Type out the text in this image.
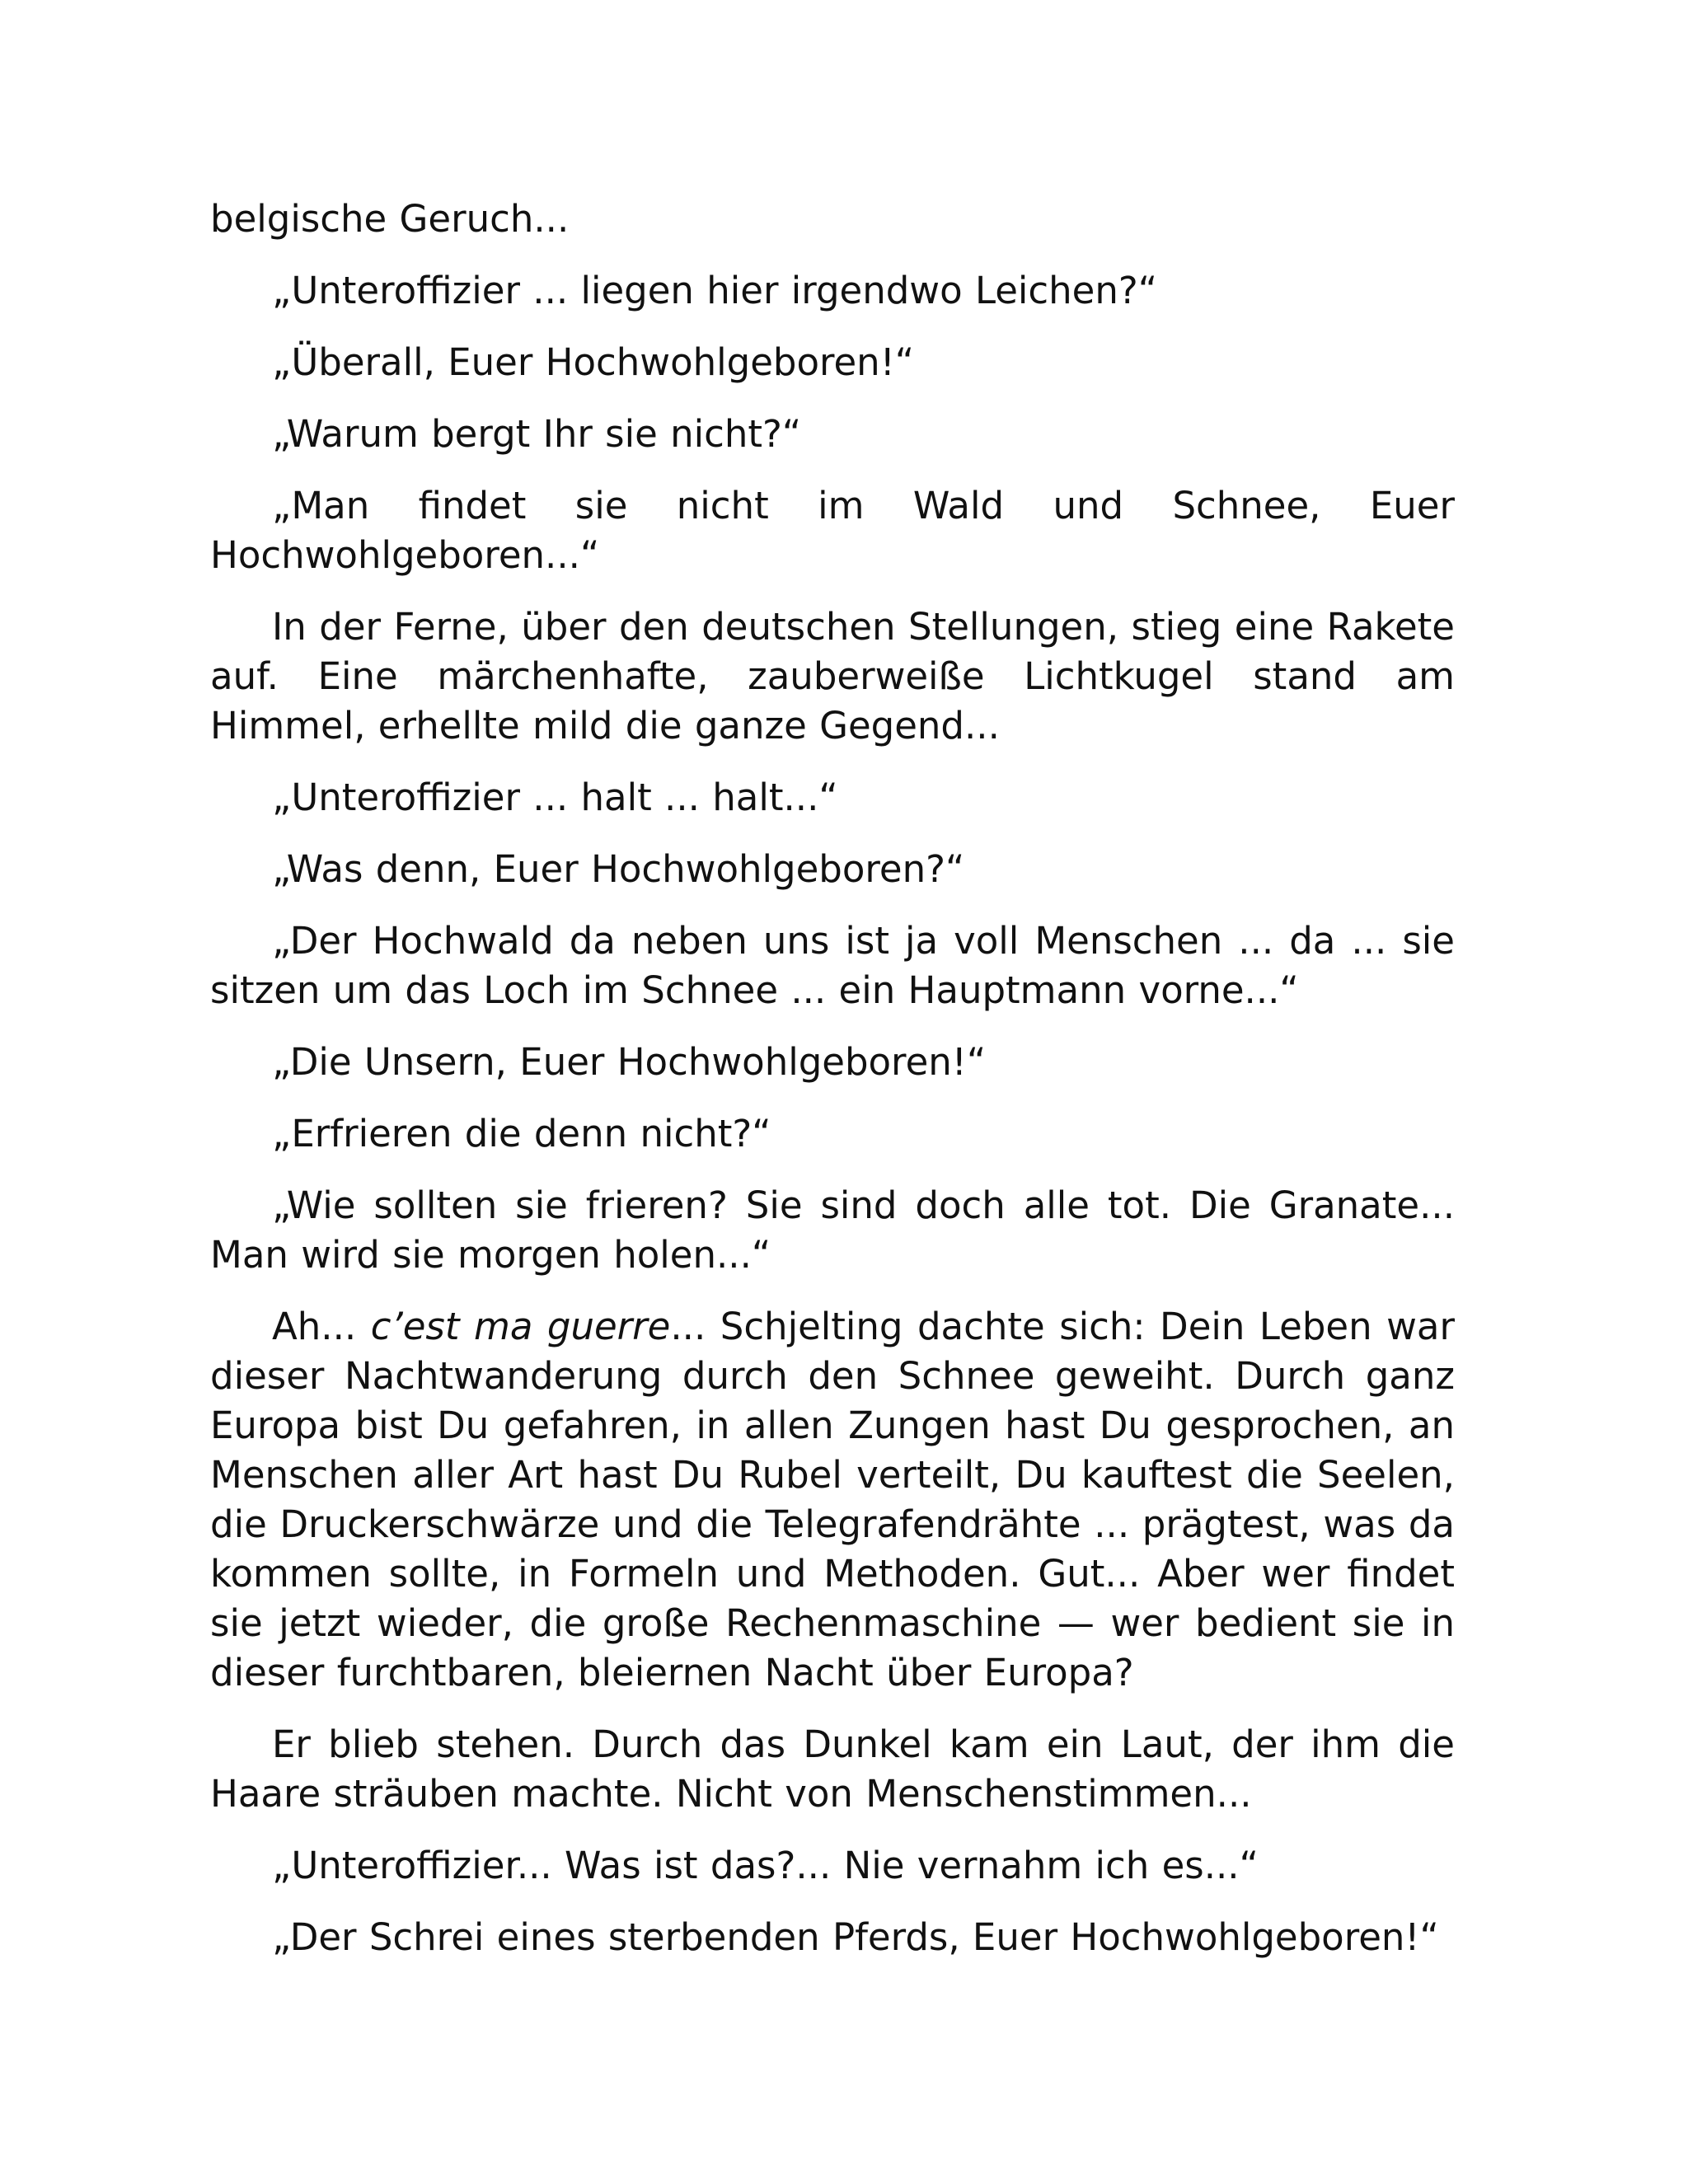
belgische Geruch...

„Unteroffizier ... liegen hier irgendwo Leichen?“

„Überall, Euer Hochwohlgeboren!“

„Warum bergt Ihr sie nicht?“

„Man findet sie nicht im Wald und Schnee, Euer Hochwohlgeboren...“

In der Ferne, über den deutschen Stellungen, stieg eine Rakete auf. Eine märchenhafte, zauberweiße Lichtkugel stand am Himmel, erhellte mild die ganze Gegend...

„Unteroffizier ... halt ... halt...“

„Was denn, Euer Hochwohlgeboren?“

„Der Hochwald da neben uns ist ja voll Menschen ... da ... sie sitzen um das Loch im Schnee ... ein Hauptmann vorne...“

„Die Unsern, Euer Hochwohlgeboren!“

„Erfrieren die denn nicht?“

„Wie sollten sie frieren? Sie sind doch alle tot. Die Granate... Man wird sie morgen holen...“

Ah... c’est ma guerre... Schjelting dachte sich: Dein Leben war dieser Nachtwanderung durch den Schnee geweiht. Durch ganz Europa bist Du gefahren, in allen Zungen hast Du gesprochen, an Menschen aller Art hast Du Rubel verteilt, Du kauftest die Seelen, die Druckerschwärze und die Telegrafendrähte ... prägtest, was da kommen sollte, in Formeln und Methoden. Gut... Aber wer findet sie jetzt wieder, die große Rechenmaschine — wer bedient sie in dieser furchtbaren, bleiernen Nacht über Europa?

Er blieb stehen. Durch das Dunkel kam ein Laut, der ihm die Haare sträuben machte. Nicht von Menschenstimmen...

„Unteroffizier... Was ist das?... Nie vernahm ich es...“

„Der Schrei eines sterbenden Pferds, Euer Hochwohlgeboren!“
